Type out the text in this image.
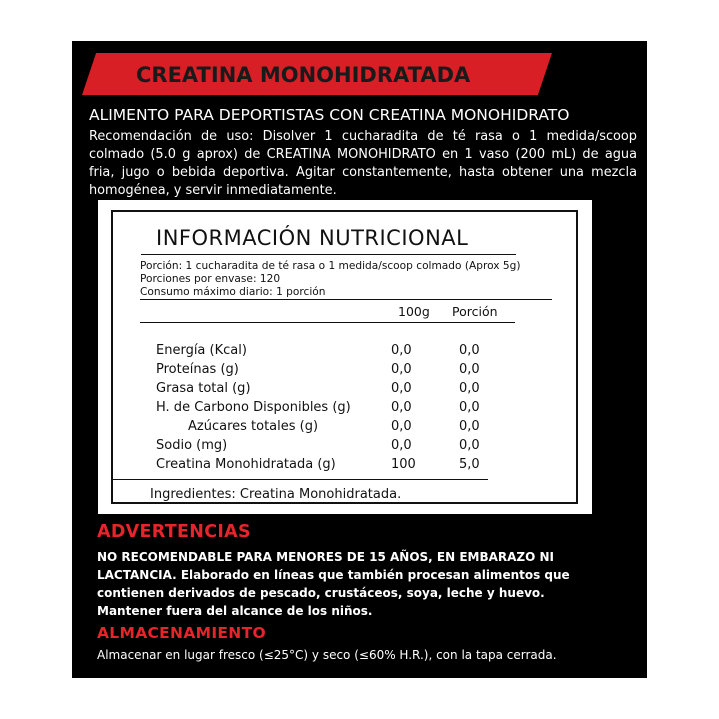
CREATINA MONOHIDRATADA
ALIMENTO PARA DEPORTISTAS CON CREATINA MONOHIDRATO
Recomendación de uso: Disolver 1 cucharadita de té rasa o 1 medida/scoop colmado (5.0 g aprox) de CREATINA MONOHIDRATO en 1 vaso (200 mL) de agua fria, jugo o bebida deportiva. Agitar constantemente, hasta obtener una mezcla homogénea, y servir inmediatamente.
INFORMACIÓN NUTRICIONAL
Porción: 1 cucharadita de té rasa o 1 medida/scoop colmado (Aprox 5g)
Porciones por envase: 120
Consumo máximo diario: 1 porción
100g Porción
Energía (Kcal)	0,0	0,0
Proteínas (g)	0,0	0,0
Grasa total (g)	0,0	0,0
H. de Carbono Disponibles (g)	0,0	0,0
Azúcares totales (g)	0,0	0,0
Sodio (mg)	0,0	0,0
Creatina Monohidratada (g)	100	5,0
Ingredientes: Creatina Monohidratada.
ADVERTENCIAS
NO RECOMENDABLE PARA MENORES DE 15 AÑOS, EN EMBARAZO NI LACTANCIA. Elaborado en líneas que también procesan alimentos que contienen derivados de pescado, crustáceos, soya, leche y huevo. Mantener fuera del alcance de los niños.
ALMACENAMIENTO
Almacenar en lugar fresco (≤25°C) y seco (≤60% H.R.), con la tapa cerrada.
